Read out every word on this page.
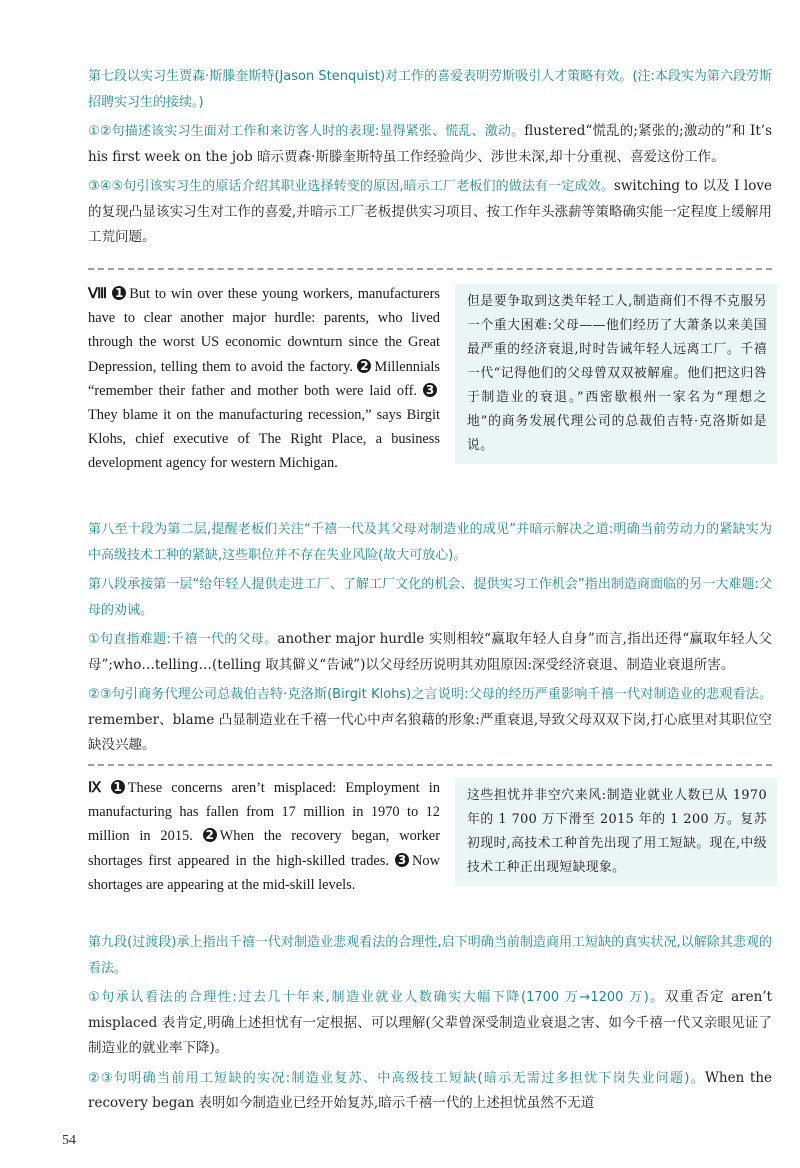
第七段以实习生贾森·斯滕奎斯特(Jason Stenquist)对工作的喜爱表明劳斯吸引人才策略有效。(注:本段实为第六段劳斯招聘实习生的接续。)

①②句描述该实习生面对工作和来访客人时的表现:显得紧张、慌乱、激动。flustered“慌乱的;紧张的;激动的”和 It’s his first week on the job 暗示贾森·斯滕奎斯特虽工作经验尚少、涉世未深,却十分重视、喜爱这份工作。

③④⑤句引该实习生的原话介绍其职业选择转变的原因,暗示工厂老板们的做法有一定成效。switching to 以及 I love 的复现凸显该实习生对工作的喜爱,并暗示工厂老板提供实习项目、按工作年头涨薪等策略确实能一定程度上缓解用工荒问题。

Ⅷ 1 But to win over these young workers, manufacturers have to clear another major hurdle: parents, who lived through the worst US economic downturn since the Great Depression, telling them to avoid the factory. 2 Millennials “remember their father and mother both were laid off. 3They blame it on the manufacturing recession,” says Birgit Klohs, chief executive of The Right Place, a business development agency for western Michigan.

但是要争取到这类年轻工人,制造商们不得不克服另一个重大困难:父母——他们经历了大萧条以来美国最严重的经济衰退,时时告诫年轻人远离工厂。千禧一代“记得他们的父母曾双双被解雇。他们把这归咎于制造业的衰退。”西密歇根州一家名为“理想之地”的商务发展代理公司的总裁伯吉特·克洛斯如是说。

第八至十段为第二层,提醒老板们关注“千禧一代及其父母对制造业的成见”并暗示解决之道:明确当前劳动力的紧缺实为中高级技术工种的紧缺,这些职位并不存在失业风险(故大可放心)。

第八段承接第一层“给年轻人提供走进工厂、了解工厂文化的机会、提供实习工作机会”指出制造商面临的另一大难题:父母的劝诫。

①句直指难题:千禧一代的父母。another major hurdle 实则相较“赢取年轻人自身”而言,指出还得“赢取年轻人父母”;who…telling…(telling 取其僻义“告诫”)以父母经历说明其劝阻原因:深受经济衰退、制造业衰退所害。

②③句引商务代理公司总裁伯吉特·克洛斯(Birgit Klohs)之言说明:父母的经历严重影响千禧一代对制造业的悲观看法。remember、blame 凸显制造业在千禧一代心中声名狼藉的形象:严重衰退,导致父母双双下岗,打心底里对其职位空缺没兴趣。

Ⅸ 1 These concerns aren’t misplaced: Employment in manufacturing has fallen from 17 million in 1970 to 12 million in 2015. 2 When the recovery began, worker shortages first appeared in the high-skilled trades. 3 Now shortages are appearing at the mid-skill levels.

这些担忧并非空穴来风:制造业就业人数已从 1970 年的 1 700 万下滑至 2015 年的 1 200 万。复苏初现时,高技术工种首先出现了用工短缺。现在,中级技术工种正出现短缺现象。

第九段(过渡段)承上指出千禧一代对制造业悲观看法的合理性,启下明确当前制造商用工短缺的真实状况,以解除其悲观的看法。

①句承认看法的合理性:过去几十年来,制造业就业人数确实大幅下降(1700 万→1200 万)。双重否定 aren’t misplaced 表肯定,明确上述担忧有一定根据、可以理解(父辈曾深受制造业衰退之害、如今千禧一代又亲眼见证了制造业的就业率下降)。

②③句明确当前用工短缺的实况:制造业复苏、中高级技工短缺(暗示无需过多担忧下岗失业问题)。When the recovery began 表明如今制造业已经开始复苏,暗示千禧一代的上述担忧虽然不无道

54
